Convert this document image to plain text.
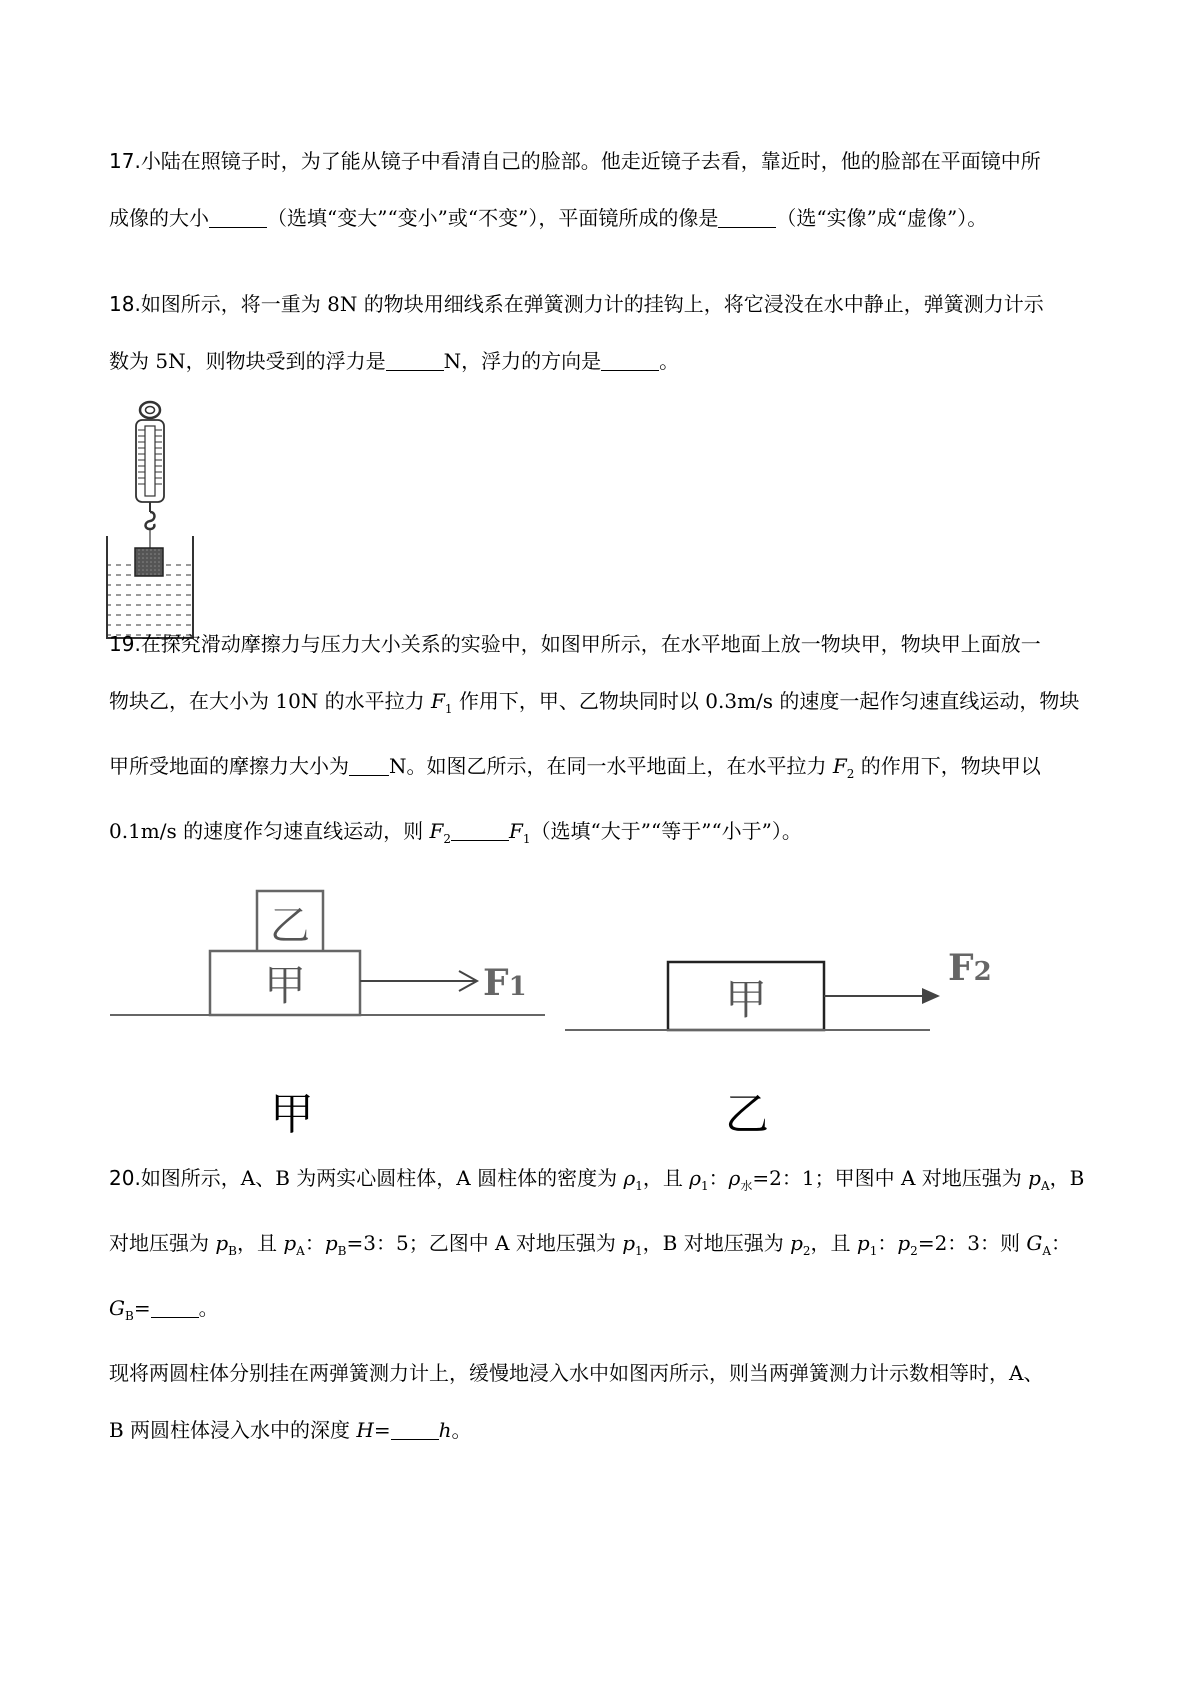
17.小陆在照镜子时，为了能从镜子中看清自己的脸部。他走近镜子去看，靠近时，他的脸部在平面镜中所

成像的大小	（选填“变大”“变小”或“不变”），平面镜所成的像是	（选“实像”成“虚像”）。

18.如图所示，将一重为 8N 的物块用细线系在弹簧测力计的挂钩上，将它浸没在水中静止，弹簧测力计示

数为 5N，则物块受到的浮力是	N，浮力的方向是	。

19.在探究滑动摩擦力与压力大小关系的实验中，如图甲所示，在水平地面上放一物块甲，物块甲上面放一

物块乙，在大小为 10N 的水平拉力 $F_1$ 作用下，甲、乙物块同时以 0.3m/s 的速度一起作匀速直线运动，物块

甲所受地面的摩擦力大小为 N。如图乙所示，在同一水平地面上，在水平拉力 $F_2$ 的作用下，物块甲以

0.1m/s 的速度作匀速直线运动，则 $F_2$	$F_1$（选填“大于”“等于”“小于”）。

乙
甲	F1	甲
F2
甲	乙

20.如图所示，A、B 为两实心圆柱体，A 圆柱体的密度为 $\rho_1$，且 $\rho_1$：$\rho_水=2$：1；甲图中 A 对地压强为 $p_A$，B

对地压强为 $p_B$，且 $p_A$：$p_B=3$：5；乙图中 A 对地压强为 $p_1$，B 对地压强为 $p_2$，且 $p_1$：$p_2=2$：3：则 $G_A$：$G_B=$ 。

现将两圆柱体分别挂在两弹簧测力计上，缓慢地浸入水中如图丙所示，则当两弹簧测力计示数相等时，A、

B 两圆柱体浸入水中的深度 H= h。
